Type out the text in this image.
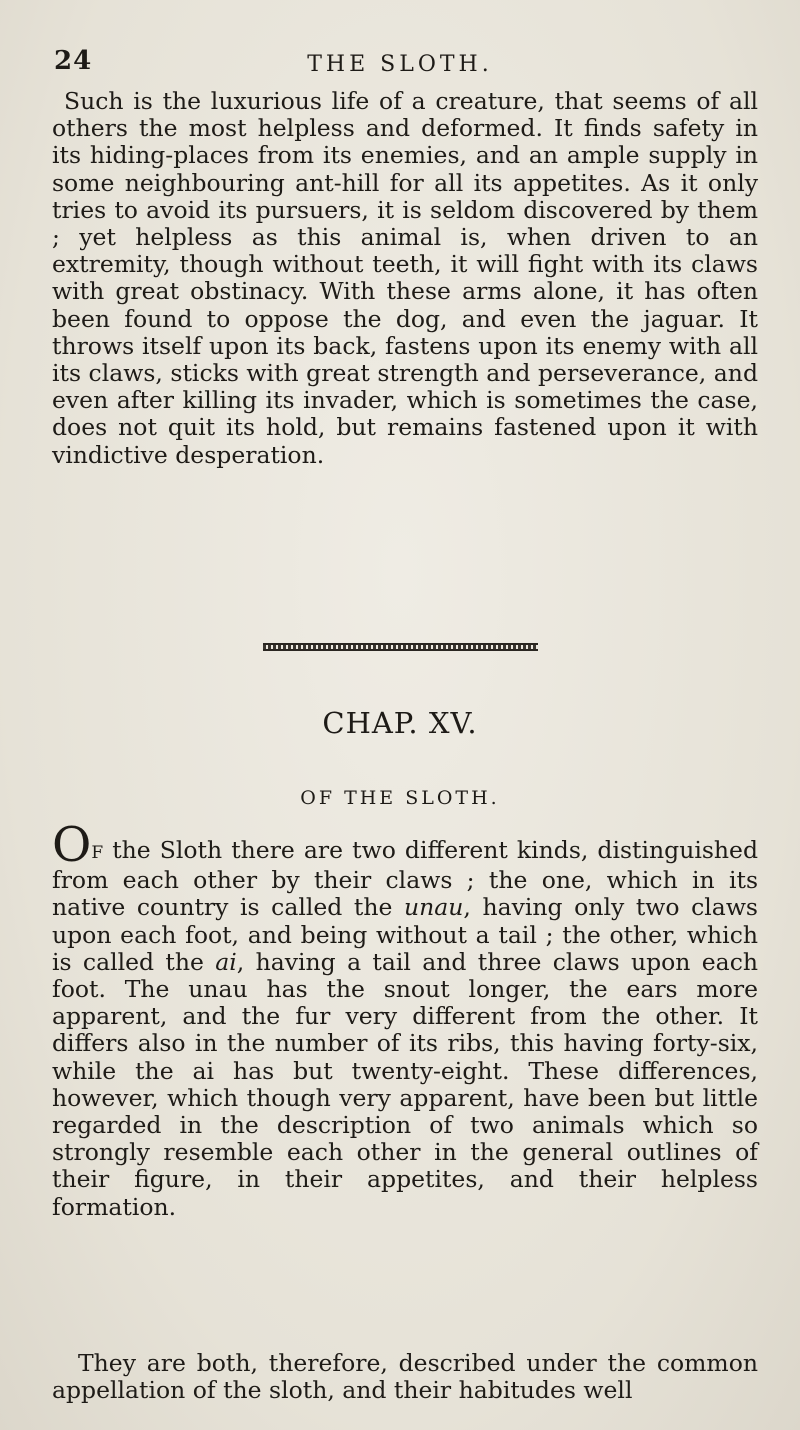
24	THE SLOTH.

Such is the luxurious life of a creature, that seems of all others the most helpless and deformed. It finds safety in its hiding-places from its enemies, and an ample supply in some neighbouring ant-hill for all its appetites. As it only tries to avoid its pursuers, it is seldom discovered by them ; yet helpless as this animal is, when driven to an extremity, though without teeth, it will fight with its claws with great obstinacy. With these arms alone, it has often been found to oppose the dog, and even the jaguar. It throws itself upon its back, fastens upon its enemy with all its claws, sticks with great strength and perseverance, and even after killing its invader, which is sometimes the case, does not quit its hold, but remains fastened upon it with vindictive desperation.

CHAP. XV.
OF THE SLOTH.

OF the Sloth there are two different kinds, distinguished from each other by their claws ; the one, which in its native country is called the unau, having only two claws upon each foot, and being without a tail ; the other, which is called the ai, having a tail and three claws upon each foot. The unau has the snout longer, the ears more apparent, and the fur very different from the other. It differs also in the number of its ribs, this having forty-six, while the ai has but twenty-eight. These differences, however, which though very apparent, have been but little regarded in the description of two animals which so strongly resemble each other in the general outlines of their figure, in their appetites, and their helpless formation.

They are both, therefore, described under the common appellation of the sloth, and their habitudes well
